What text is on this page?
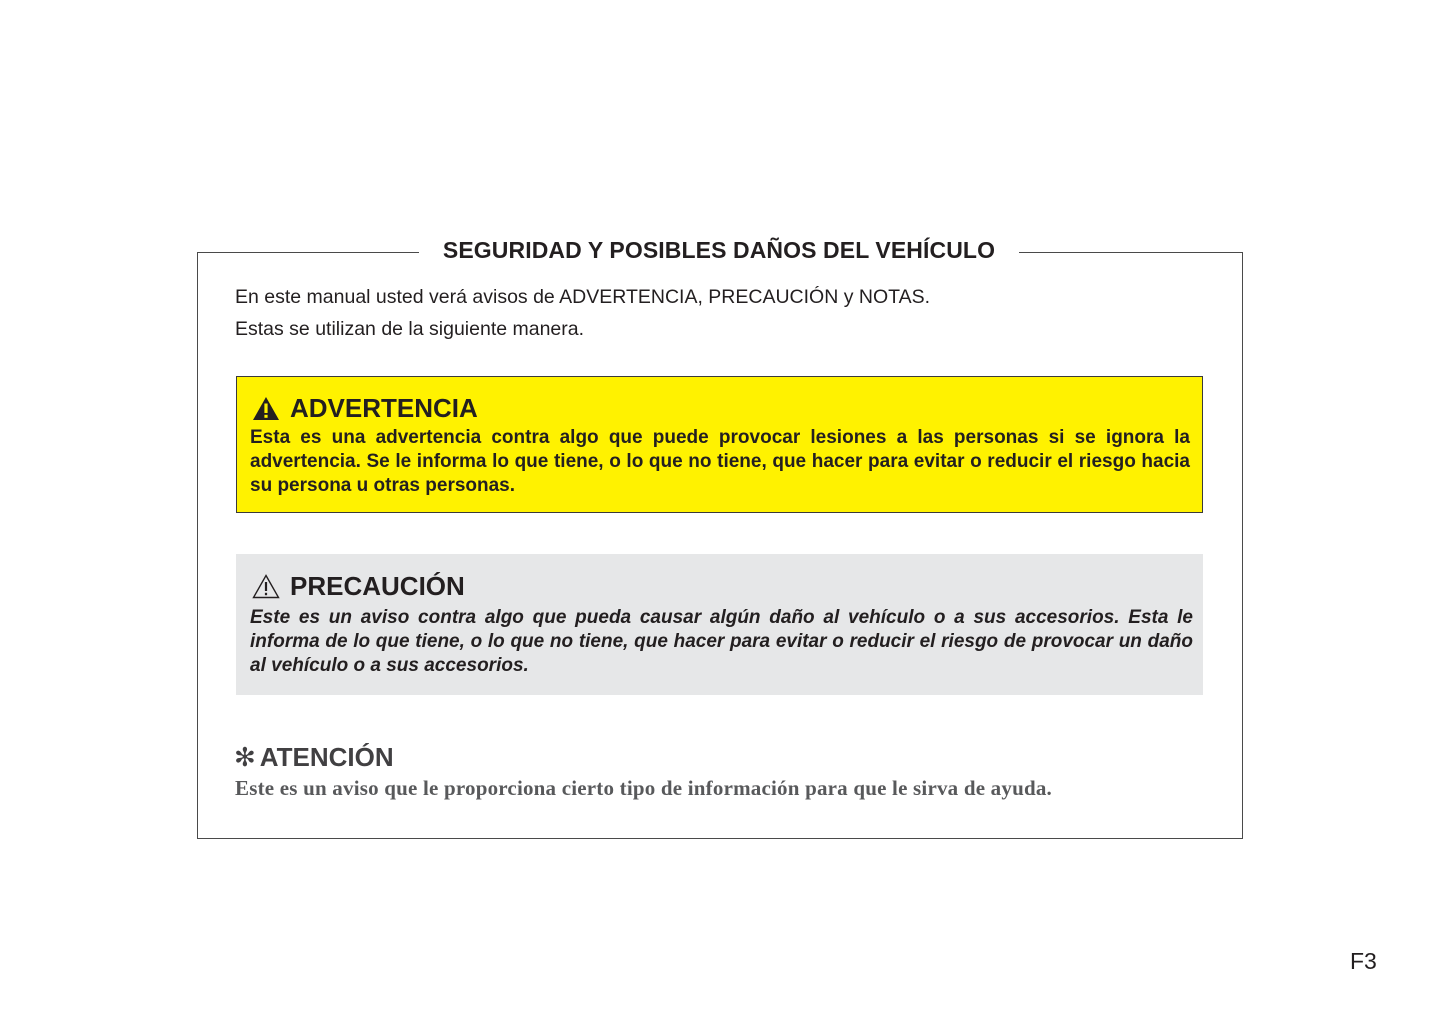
SEGURIDAD Y POSIBLES DAÑOS DEL VEHÍCULO
En este manual usted verá avisos de ADVERTENCIA, PRECAUCIÓN y NOTAS.
Estas se utilizan de la siguiente manera.
ADVERTENCIA
Esta es una advertencia contra algo que puede provocar lesiones a las personas si se ignora la advertencia. Se le informa lo que tiene, o lo que no tiene, que hacer para evitar o reducir el riesgo hacia su persona u otras personas.
PRECAUCIÓN
Este es un aviso contra algo que pueda causar algún daño al vehículo o a sus accesorios. Esta le informa de lo que tiene, o lo que no tiene, que hacer para evitar o reducir el riesgo de provocar un daño al vehículo o a sus accesorios.
✻ ATENCIÓN
Este es un aviso que le proporciona cierto tipo de información para que le sirva de ayuda.
F3
